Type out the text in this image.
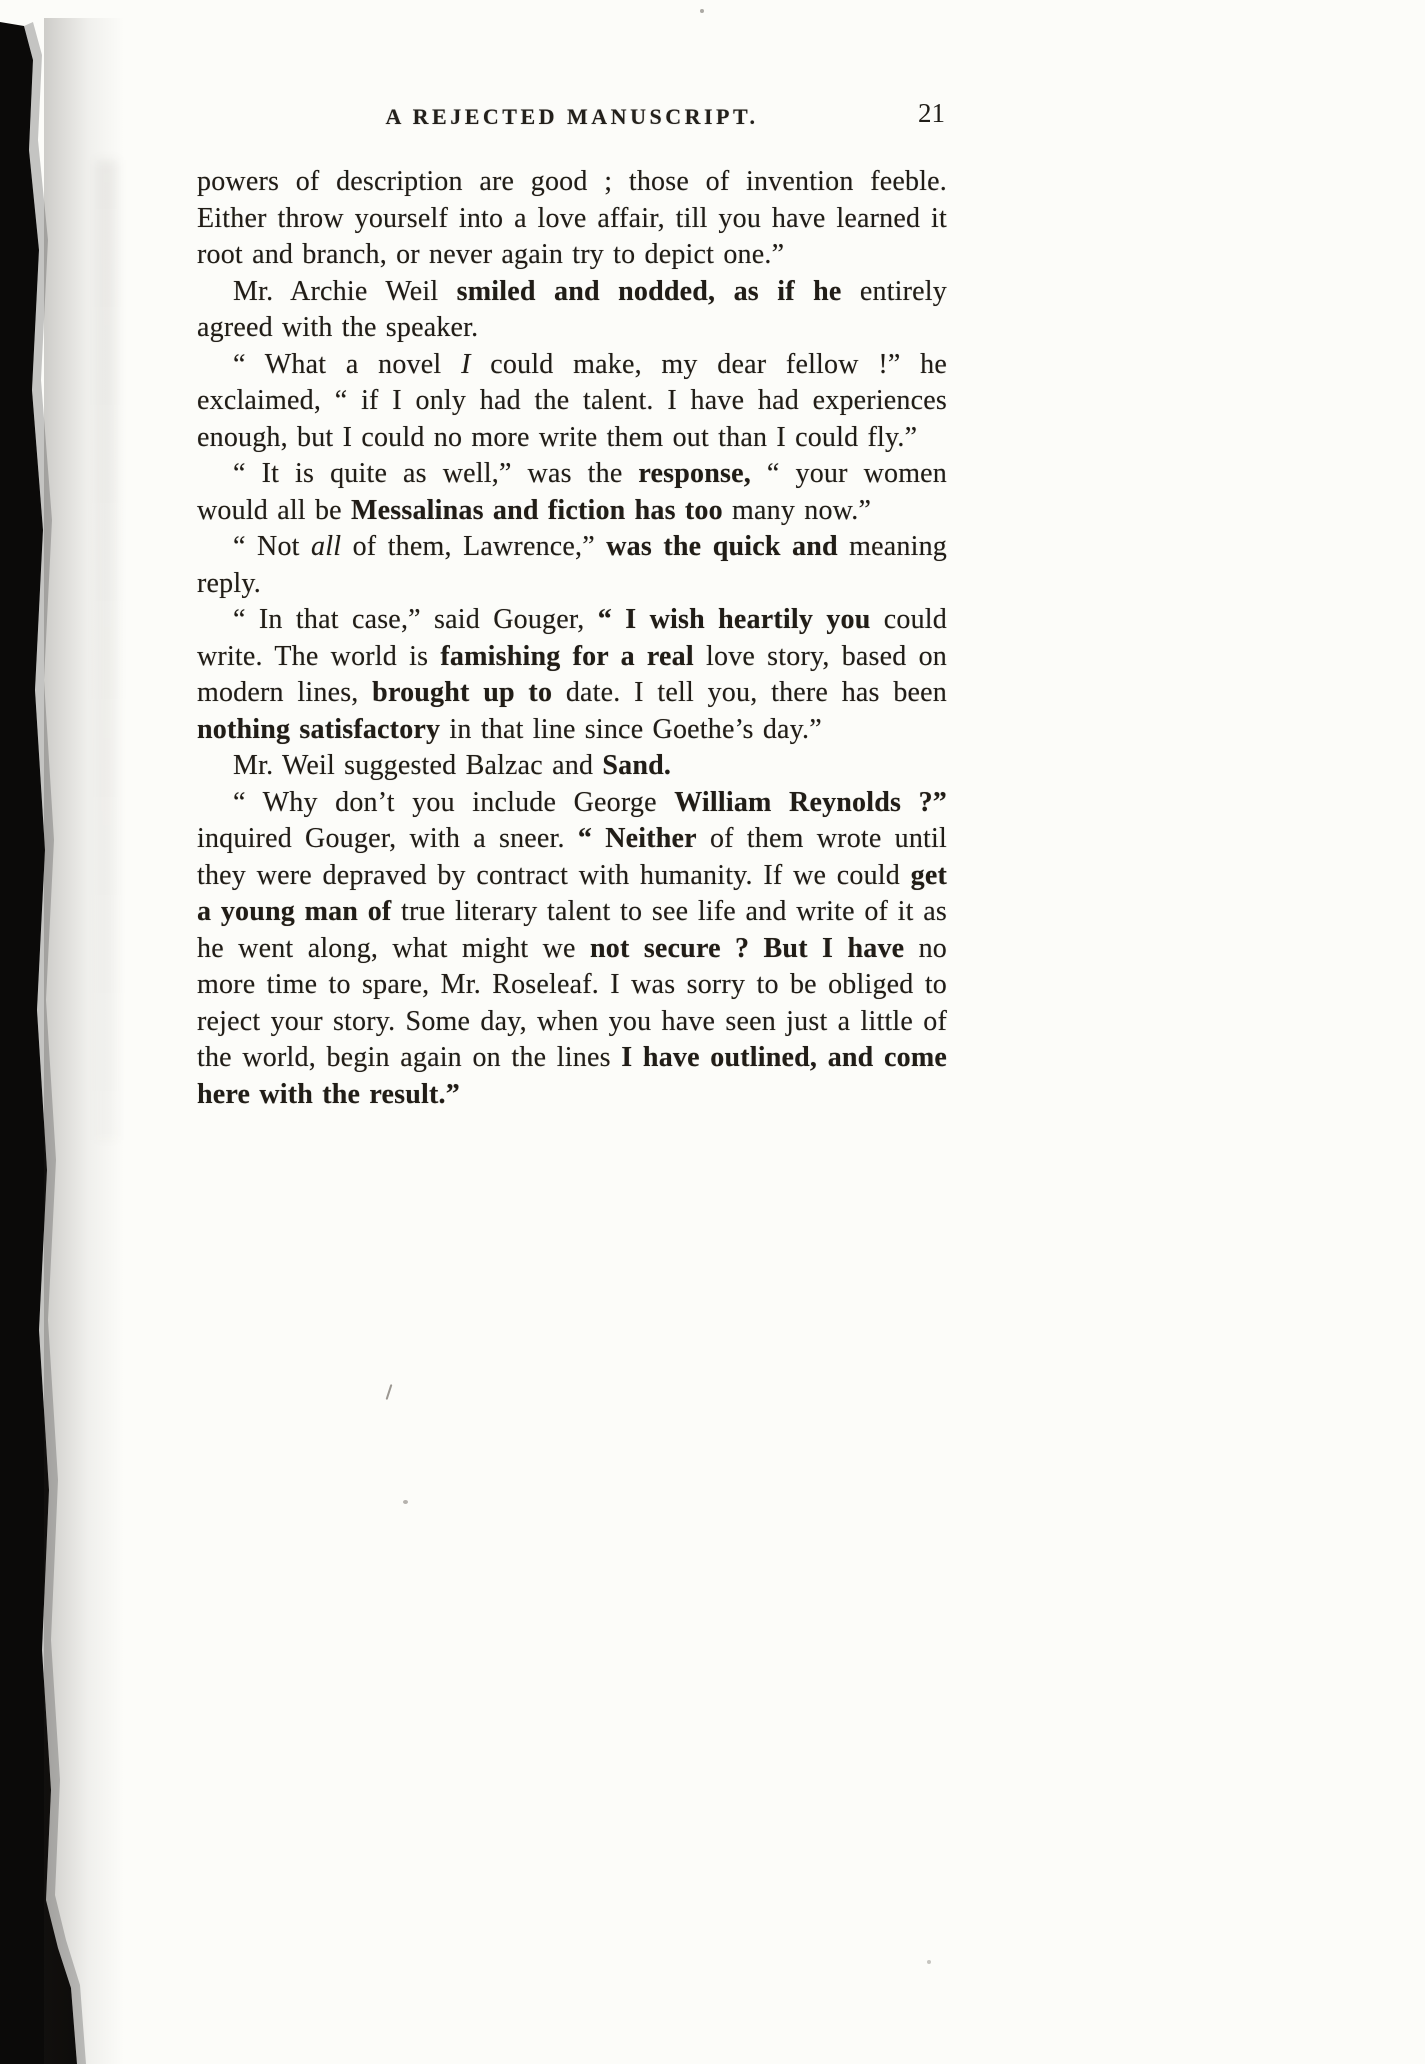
A REJECTED MANUSCRIPT.	21

powers of description are good ; those of invention feeble. Either throw yourself into a love affair, till you have learned it root and branch, or never again try to depict one.”

Mr. Archie Weil smiled and nodded, as if he entirely agreed with the speaker.

“ What a novel I could make, my dear fellow !” he exclaimed, “ if I only had the talent. I have had experiences enough, but I could no more write them out than I could fly.”

“ It is quite as well,” was the response, “ your women would all be Messalinas and fiction has too many now.”

“ Not all of them, Lawrence,” was the quick and meaning reply.

“ In that case,” said Gouger, “ I wish heartily you could write. The world is famishing for a real love story, based on modern lines, brought up to date. I tell you, there has been nothing satisfactory in that line since Goethe’s day.”

Mr. Weil suggested Balzac and Sand.

“ Why don’t you include George William Reynolds ?” inquired Gouger, with a sneer. “ Neither of them wrote until they were depraved by contract with humanity. If we could get a young man of true literary talent to see life and write of it as he went along, what might we not secure ? But I have no more time to spare, Mr. Roseleaf. I was sorry to be obliged to reject your story. Some day, when you have seen just a little of the world, begin again on the lines I have outlined, and come here with the result.”
